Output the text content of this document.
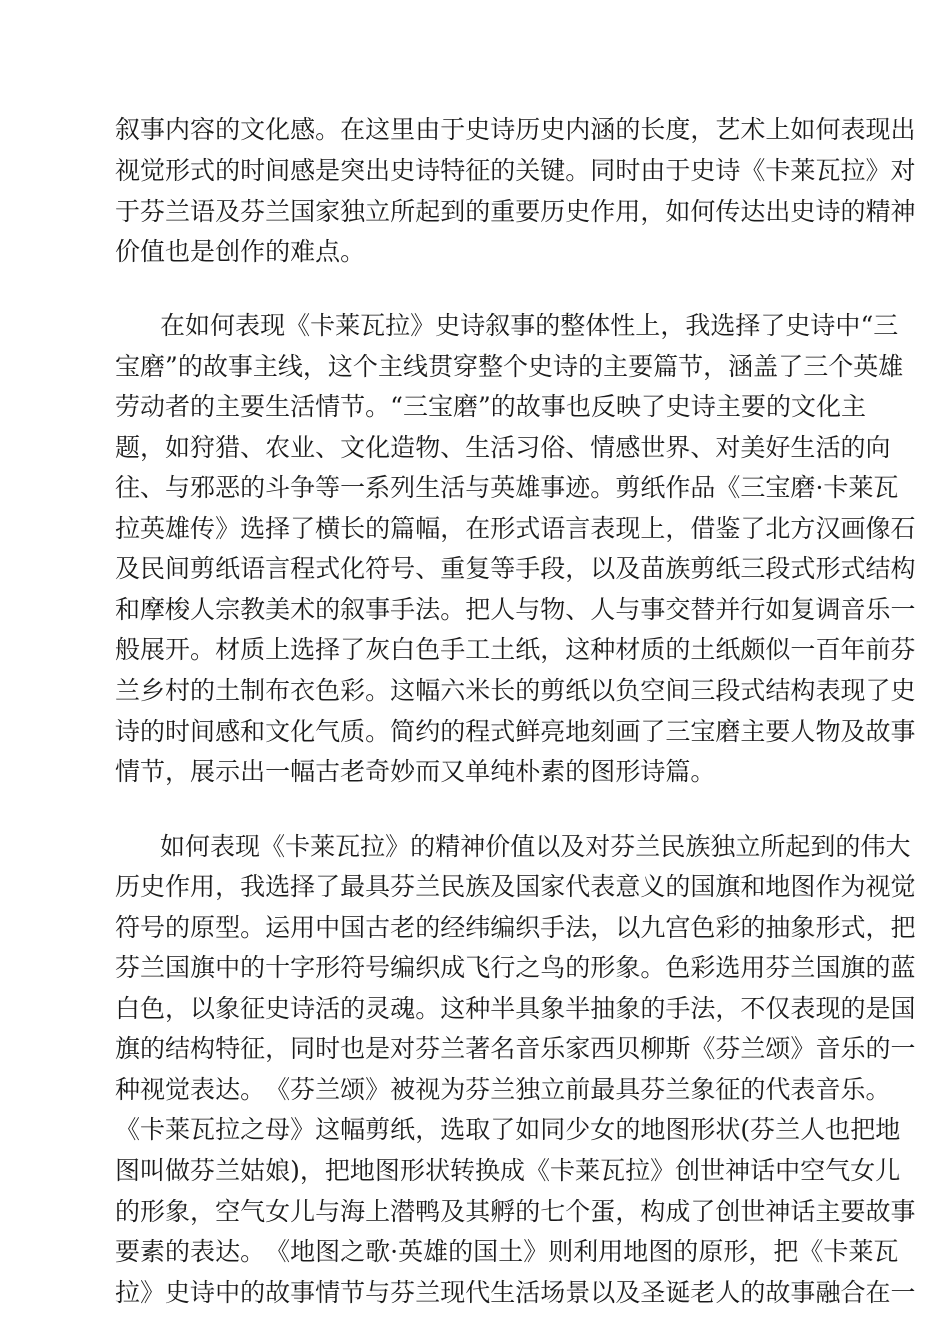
叙 事 内 容 的 文 化 感 。 在 这 里 由 于 史 诗 历 史 内 涵 的 长 度 ， 艺 术 上 如 何 表 现 出
视 觉 形 式 的 时 间 感 是 突 出 史 诗 特 征 的 关 键 。 同 时 由 于 史 诗 《 卡 莱 瓦 拉 》 对
于 芬 兰 语 及 芬 兰 国 家 独 立 所 起 到 的 重 要 历 史 作 用 ， 如 何 传 达 出 史 诗 的 精 神
价 值 也 是 创 作 的 难 点 。
在 如 何 表 现 《 卡 莱 瓦 拉 》 史 诗 叙 事 的 整 体 性 上 ， 我 选 择 了 史 诗 中 “ 三
宝 磨 ” 的 故 事 主 线 ， 这 个 主 线 贯 穿 整 个 史 诗 的 主 要 篇 节 ， 涵 盖 了 三 个 英 雄
劳 动 者 的 主 要 生 活 情 节 。 “ 三 宝 磨 ” 的 故 事 也 反 映 了 史 诗 主 要 的 文 化 主
题 ， 如 狩 猎 、 农 业 、 文 化 造 物 、 生 活 习 俗 、 情 感 世 界 、 对 美 好 生 活 的 向
往 、 与 邪 恶 的 斗 争 等 一 系 列 生 活 与 英 雄 事 迹 。 剪 纸 作 品 《 三 宝 磨 · 卡 莱 瓦
拉 英 雄 传 》 选 择 了 横 长 的 篇 幅 ， 在 形 式 语 言 表 现 上 ， 借 鉴 了 北 方 汉 画 像 石
及 民 间 剪 纸 语 言 程 式 化 符 号 、 重 复 等 手 段 ， 以 及 苗 族 剪 纸 三 段 式 形 式 结 构
和 摩 梭 人 宗 教 美 术 的 叙 事 手 法 。 把 人 与 物 、 人 与 事 交 替 并 行 如 复 调 音 乐 一
般 展 开 。 材 质 上 选 择 了 灰 白 色 手 工 土 纸 ， 这 种 材 质 的 土 纸 颇 似 一 百 年 前 芬
兰 乡 村 的 土 制 布 衣 色 彩 。 这 幅 六 米 长 的 剪 纸 以 负 空 间 三 段 式 结 构 表 现 了 史
诗 的 时 间 感 和 文 化 气 质 。 简 约 的 程 式 鲜 亮 地 刻 画 了 三 宝 磨 主 要 人 物 及 故 事
情 节 ， 展 示 出 一 幅 古 老 奇 妙 而 又 单 纯 朴 素 的 图 形 诗 篇 。
如 何 表 现 《 卡 莱 瓦 拉 》 的 精 神 价 值 以 及 对 芬 兰 民 族 独 立 所 起 到 的 伟 大
历 史 作 用 ， 我 选 择 了 最 具 芬 兰 民 族 及 国 家 代 表 意 义 的 国 旗 和 地 图 作 为 视 觉
符 号 的 原 型 。 运 用 中 国 古 老 的 经 纬 编 织 手 法 ， 以 九 宫 色 彩 的 抽 象 形 式 ， 把
芬 兰 国 旗 中 的 十 字 形 符 号 编 织 成 飞 行 之 鸟 的 形 象 。 色 彩 选 用 芬 兰 国 旗 的 蓝
白 色 ， 以 象 征 史 诗 活 的 灵 魂 。 这 种 半 具 象 半 抽 象 的 手 法 ， 不 仅 表 现 的 是 国
旗 的 结 构 特 征 ， 同 时 也 是 对 芬 兰 著 名 音 乐 家 西 贝 柳 斯 《 芬 兰 颂 》 音 乐 的 一
种 视 觉 表 达 。 《 芬 兰 颂 》 被 视 为 芬 兰 独 立 前 最 具 芬 兰 象 征 的 代 表 音 乐 。
《 卡 莱 瓦 拉 之 母 》 这 幅 剪 纸 ， 选 取 了 如 同 少 女 的 地 图 形 状 ( 芬 兰 人 也 把 地
图 叫 做 芬 兰 姑 娘 ) ， 把 地 图 形 状 转 换 成 《 卡 莱 瓦 拉 》 创 世 神 话 中 空 气 女 儿
的 形 象 ， 空 气 女 儿 与 海 上 潜 鸭 及 其 孵 的 七 个 蛋 ， 构 成 了 创 世 神 话 主 要 故 事
要 素 的 表 达 。 《 地 图 之 歌 · 英 雄 的 国 土 》 则 利 用 地 图 的 原 形 ， 把 《 卡 莱 瓦
拉 》 史 诗 中 的 故 事 情 节 与 芬 兰 现 代 生 活 场 景 以 及 圣 诞 老 人 的 故 事 融 合 在 一
